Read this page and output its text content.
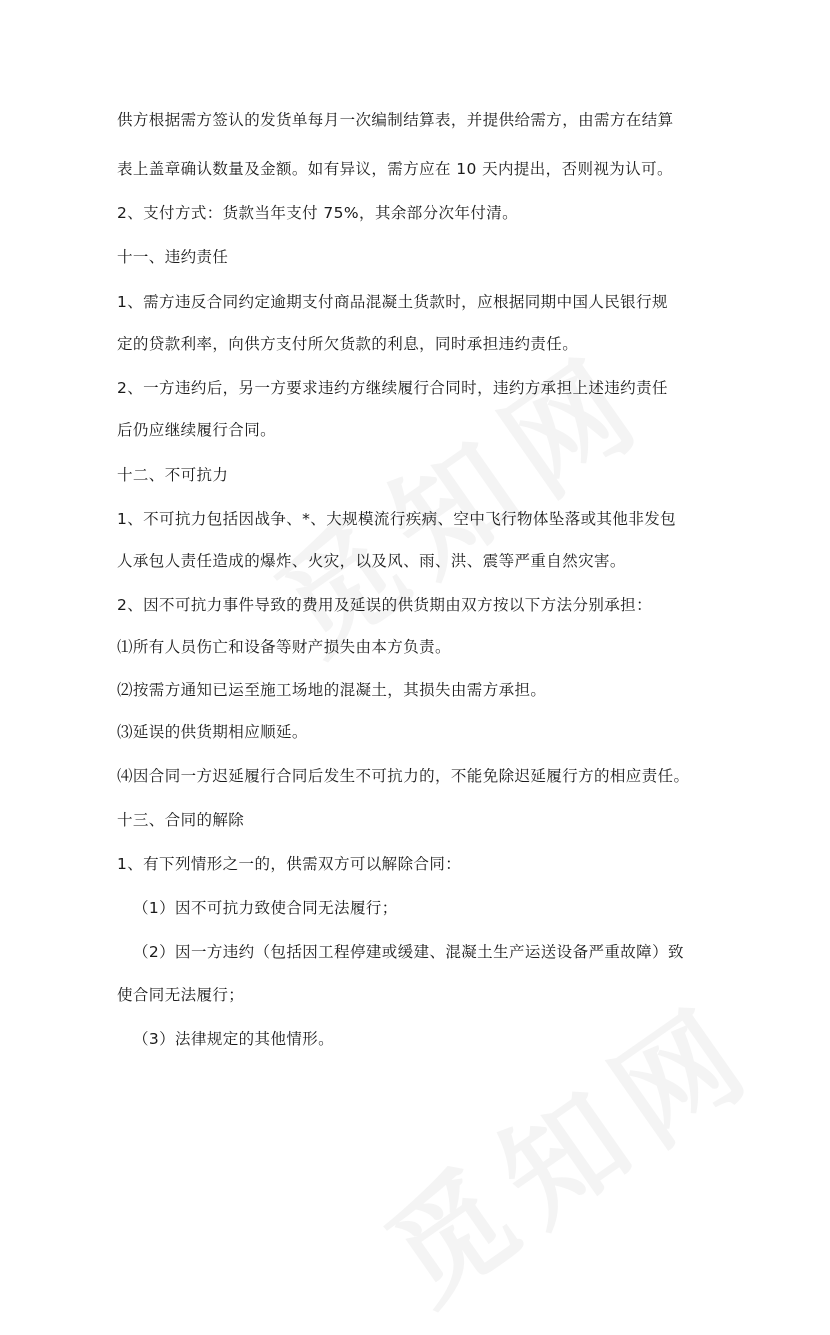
供方根据需方签认的发货单每月一次编制结算表，并提供给需方，由需方在结算
表上盖章确认数量及金额。如有异议，需方应在 10 天内提出，否则视为认可。
2、支付方式：货款当年支付 75%，其余部分次年付清。
十一、违约责任
1、需方违反合同约定逾期支付商品混凝土货款时，应根据同期中国人民银行规
定的贷款利率，向供方支付所欠货款的利息，同时承担违约责任。
2、一方违约后，另一方要求违约方继续履行合同时，违约方承担上述违约责任
后仍应继续履行合同。
十二、不可抗力
1、不可抗力包括因战争、*、大规模流行疾病、空中飞行物体坠落或其他非发包
人承包人责任造成的爆炸、火灾，以及风、雨、洪、震等严重自然灾害。
2、因不可抗力事件导致的费用及延误的供货期由双方按以下方法分别承担：
⑴所有人员伤亡和设备等财产损失由本方负责。
⑵按需方通知已运至施工场地的混凝土，其损失由需方承担。
⑶延误的供货期相应顺延。
⑷因合同一方迟延履行合同后发生不可抗力的，不能免除迟延履行方的相应责任。
十三、合同的解除
1、有下列情形之一的，供需双方可以解除合同：
（1）因不可抗力致使合同无法履行；
（2）因一方违约（包括因工程停建或缓建、混凝土生产运送设备严重故障）致
使合同无法履行；
（3）法律规定的其他情形。
